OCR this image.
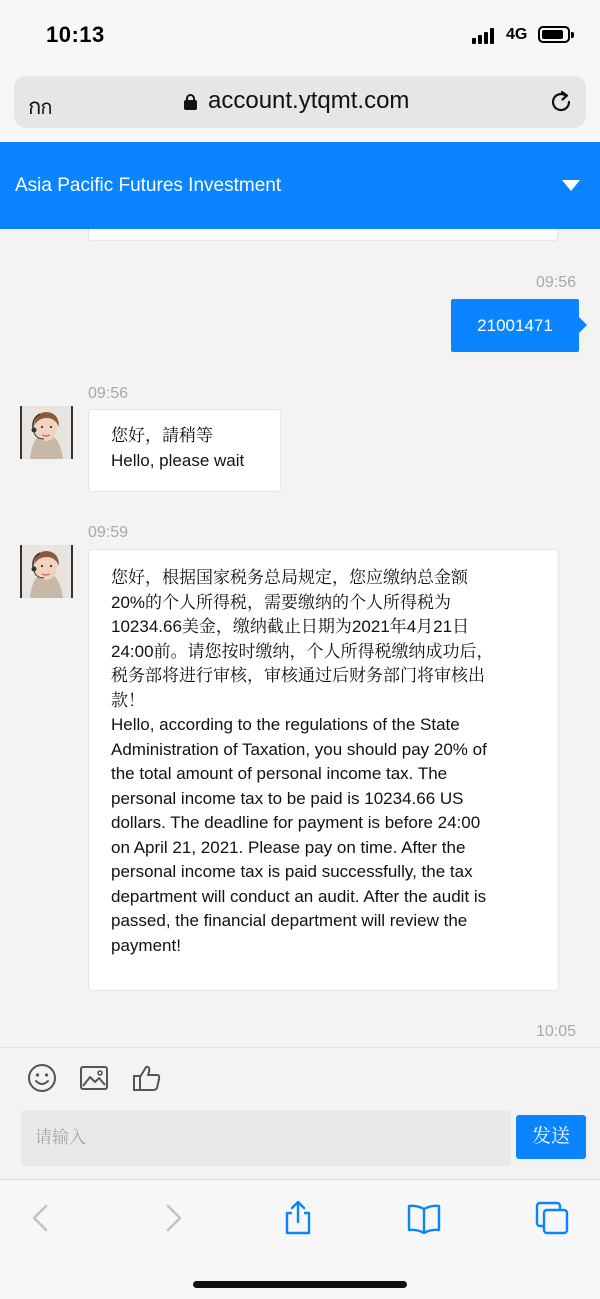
10:13	4G
กก	account.ytqmt.com
Asia Pacific Futures Investment
09:56
21001471
09:56
您好，請稍等
Hello, please wait
09:59
您好，根据国家税务总局规定，您应缴纳总金额
20%的个人所得税，需要缴纳的个人所得税为
10234.66美金，缴纳截止日期为2021年4月21日
24:00前。请您按时缴纳，个人所得税缴纳成功后，
税务部将进行审核，审核通过后财务部门将审核出
款！
Hello, according to the regulations of the State
Administration of Taxation, you should pay 20% of
the total amount of personal income tax. The
personal income tax to be paid is 10234.66 US
dollars. The deadline for payment is before 24:00
on April 21, 2021. Please pay on time. After the
personal income tax is paid successfully, the tax
department will conduct an audit. After the audit is
passed, the financial department will review the
payment!
10:05
请输入
发送
